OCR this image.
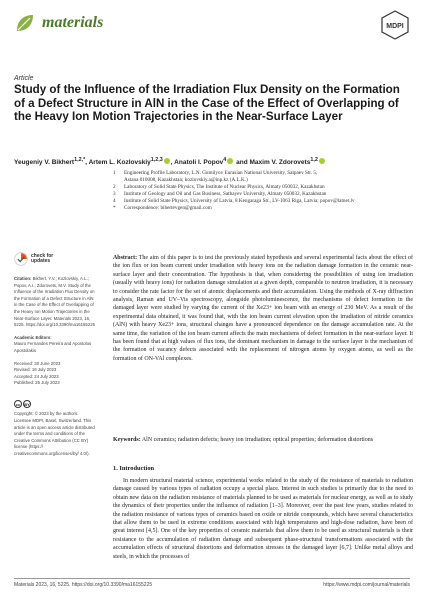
materials	MDPI
Article
Study of the Influence of the Irradiation Flux Density on the Formation of a Defect Structure in AlN in the Case of the Effect of Overlapping of the Heavy Ion Motion Trajectories in the Near-Surface Layer
Yeugeniy V. Bikhert$^{1,2,*}$, Artem L. Kozlovskiy$^{1,2,3}$ , Anatoli I. Popov$^4$ and Maxim V. Zdorovets$^{1,2}$
1	Engineering Profile Laboratory, L.N. Gumilyov Eurasian National University, Satpaev Str. 5,
Astana 010008, Kazakhstan; kozlovskiy.a@inp.kz (A.L.K.)
2	Laboratory of Solid State Physics, The Institute of Nuclear Physics, Almaty 050032, Kazakhstan
3	Institute of Geology and Oil and Gas Business, Satbayev University, Almaty 050032, Kazakhstan
4	Institute of Solid State Physics, University of Latvia, 8 Kengaraga Str., LV-1063 Riga, Latvia; popov@latnet.lv
*	Correspondence: bihertevgen@gmail.com
check for
updates
Citation: Bikhert, Y.V.; Kozlovskiy, A.L.; Popov, A.I.; Zdorovets, M.V. Study of the Influence of the Irradiation Flux Density on the Formation of a Defect Structure in AlN in the Case of the Effect of Overlapping of the Heavy Ion Motion Trajectories in the Near-Surface Layer. Materials 2023, 16, 5225. https://doi.org/10.3390/ma16155225
Academic Editors:
Mauro Fernandes Pereira and Apostolos Apostolakis
Received: 30 June 2023
Revised: 18 July 2023
Accepted: 24 July 2023
Published: 25 July 2023
cc	BY
Copyright: © 2023 by the authors. Licensee MDPI, Basel, Switzerland. This article is an open access article distributed under the terms and conditions of the Creative Commons Attribution (CC BY) license (https:// creativecommons.org/licenses/by/ 4.0/).
Abstract: The aim of this paper is to test the previously stated hypothesis and several experimental facts about the effect of the ion flux or ion beam current under irradiation with heavy ions on the radiation damage formation in the ceramic near-surface layer and their concentration. The hypothesis is that, when considering the possibilities of using ion irradiation (usually with heavy ions) for radiation damage simulation at a given depth, comparable to neutron irradiation, it is necessary to consider the rate factor for the set of atomic displacements and their accumulation. Using the methods of X-ray diffraction analysis, Raman and UV–Vis spectroscopy, alongside photoluminescence, the mechanisms of defect formation in the damaged layer were studied by varying the current of the Xe23+ ion beam with an energy of 230 MeV. As a result of the experimental data obtained, it was found that, with the ion beam current elevation upon the irradiation of nitride ceramics (AlN) with heavy Xe23+ ions, structural changes have a pronounced dependence on the damage accumulation rate. At the same time, the variation of the ion beam current affects the main mechanisms of defect formation in the near-surface layer. It has been found that at high values of flux ions, the dominant mechanism in damage to the surface layer is the mechanism of the formation of vacancy defects associated with the replacement of nitrogen atoms by oxygen atoms, as well as the formation of ON-VAl complexes.
Keywords: AlN ceramics; radiation defects; heavy ion irradiation; optical properties; deformation distortions
1. Introduction
In modern structural material science, experimental works related to the study of the resistance of materials to radiation damage caused by various types of radiation occupy a special place. Interest in such studies is primarily due to the need to obtain new data on the radiation resistance of materials planned to be used as materials for nuclear energy, as well as to study the dynamics of their properties under the influence of radiation [1–3]. Moreover, over the past few years, studies related to the radiation resistance of various types of ceramics based on oxide or nitride compounds, which have several characteristics that allow them to be used in extreme conditions associated with high temperatures and high-dose radiation, have been of great interest [4,5]. One of the key properties of ceramic materials that allow them to be used as structural materials is their resistance to the accumulation of radiation damage and subsequent phase-structural transformations associated with the accumulation effects of structural distortions and deformation stresses in the damaged layer [6,7]. Unlike metal alloys and steels, in which the processes of
Materials 2023, 16, 5225. https://doi.org/10.3390/ma16155225	https://www.mdpi.com/journal/materials
